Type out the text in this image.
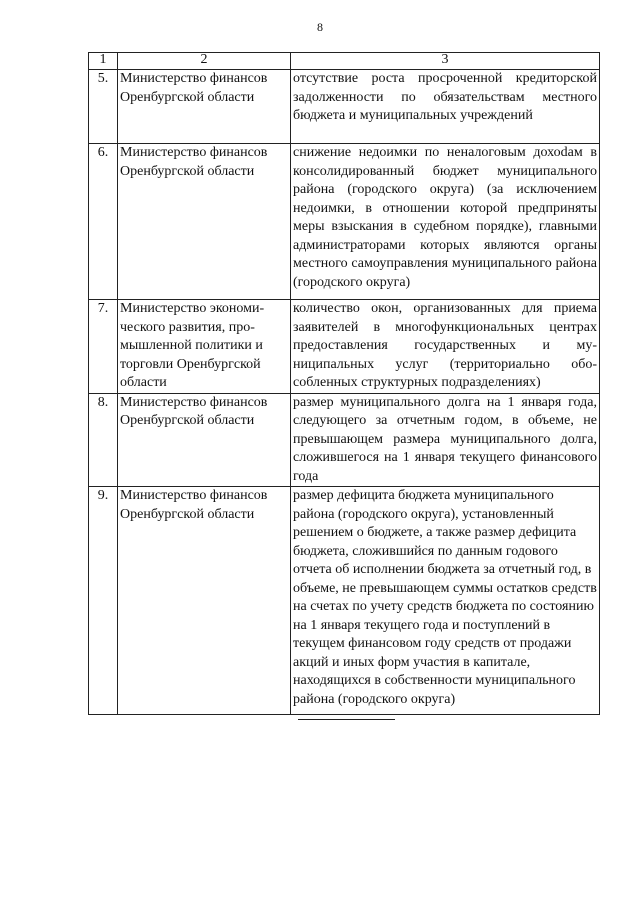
8
1	2	3
5.	Министерство финансов Оренбургской области	отсутствие роста просроченной кредиторской задолженности по обязательствам местного бюджета и муниципальных учреждений
6.	Министерство финансов Оренбургской области	снижение недоимки по неналоговым дохоdам в консолидированный бюджет муниципального района (городского округа) (за исключением недоимки, в отношении которой предприняты меры взыскания в судебном порядке), главными администраторами которых являются органы местного самоуправления муниципального района (городского округа)
7.	Министерство экономического развития, промышленной политики и торговли Оренбургской области	количество окон, организованных для приема заявителей в многофункциональных центрах предоставления государственных и муниципальных услуг (территориально обособленных структурных подразделениях)
8.	Министерство финансов Оренбургской области	размер муниципального долга на 1 января года, следующего за отчетным годом, в объеме, не превышающем размера муниципального долга, сложившегося на 1 января текущего финансового года
9.	Министерство финансов Оренбургской области	размер дефицита бюджета муниципального района (городского округа), установленный решением о бюджете, а также размер дефицита бюджета, сложившийся по данным годового отчета об исполнении бюджета за отчетный год, в объеме, не превышающем суммы остатков средств на счетах по учету средств бюджета по состоянию на 1 января текущего года и поступлений в текущем финансовом году средств от продажи акций и иных форм участия в капитале, находящихся в собственности муниципального района (городского округа)
